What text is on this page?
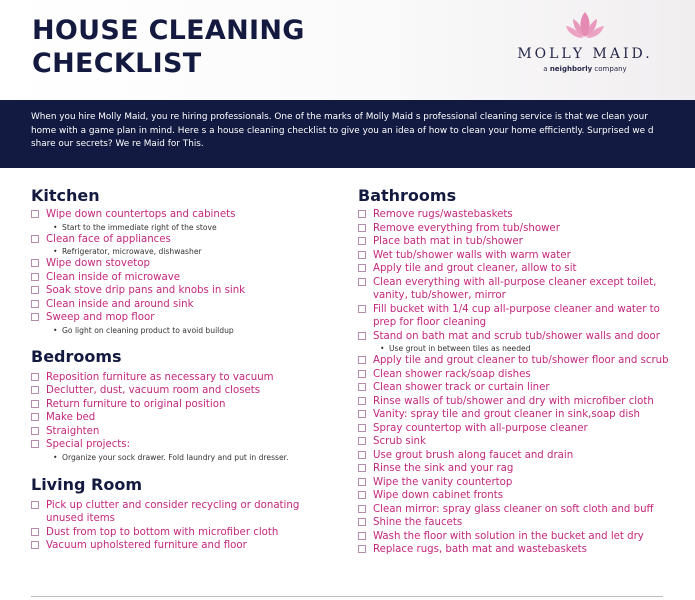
HOUSE CLEANING
CHECKLIST	MOLLY MAID.
a neighborly company
When you hire Molly Maid, you re hiring professionals. One of the marks of Molly Maid s professional cleaning service is that we clean your home with a game plan in mind. Here s a house cleaning checklist to give you an idea of how to clean your home efficiently. Surprised we d share our secrets? We re Maid for This.
Kitchen
Wipe down countertops and cabinets
• Start to the immediate right of the stove
Clean face of appliances
• Refrigerator, microwave, dishwasher
Wipe down stovetop
Clean inside of microwave
Soak stove drip pans and knobs in sink
Clean inside and around sink
Sweep and mop floor
• Go light on cleaning product to avoid buildup
Bedrooms
Reposition furniture as necessary to vacuum
Declutter, dust, vacuum room and closets
Return furniture to original position
Make bed
Straighten
Special projects:
• Organize your sock drawer. Fold laundry and put in dresser.
Living Room
Pick up clutter and consider recycling or donating unused items
Dust from top to bottom with microfiber cloth
Vacuum upholstered furniture and floor
Bathrooms
Remove rugs/wastebaskets
Remove everything from tub/shower
Place bath mat in tub/shower
Wet tub/shower walls with warm water
Apply tile and grout cleaner, allow to sit
Clean everything with all-purpose cleaner except toilet, vanity, tub/shower, mirror
Fill bucket with 1/4 cup all-purpose cleaner and water to prep for floor cleaning
Stand on bath mat and scrub tub/shower walls and door
• Use grout in between tiles as needed
Apply tile and grout cleaner to tub/shower floor and scrub
Clean shower rack/soap dishes
Clean shower track or curtain liner
Rinse walls of tub/shower and dry with microfiber cloth
Vanity: spray tile and grout cleaner in sink,soap dish
Spray countertop with all-purpose cleaner
Scrub sink
Use grout brush along faucet and drain
Rinse the sink and your rag
Wipe the vanity countertop
Wipe down cabinet fronts
Clean mirror: spray glass cleaner on soft cloth and buff
Shine the faucets
Wash the floor with solution in the bucket and let dry
Replace rugs, bath mat and wastebaskets
